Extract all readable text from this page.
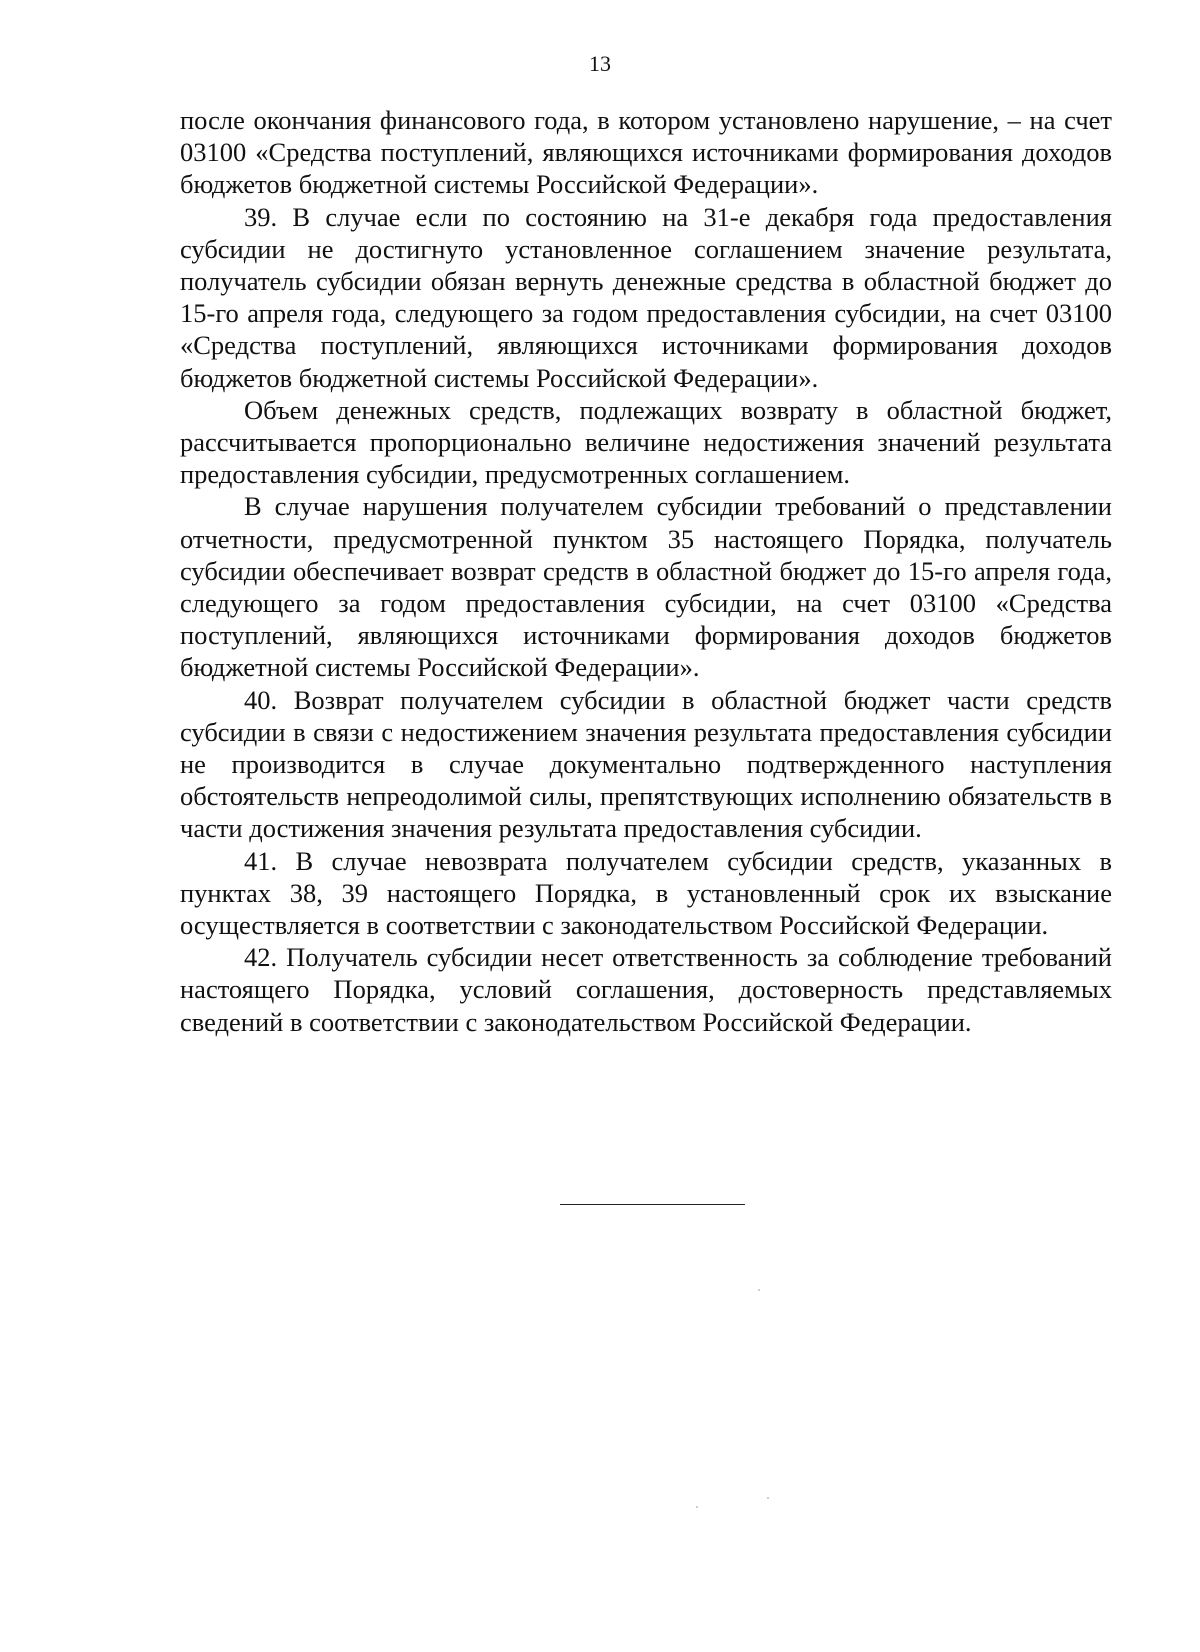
13

после окончания финансового года, в котором установлено нарушение, – на счет 03100 «Средства поступлений, являющихся источниками формирования доходов бюджетов бюджетной системы Российской Федерации».

39. В случае если по состоянию на 31-е декабря года предоставления субсидии не достигнуто установленное соглашением значение результата, получатель субсидии обязан вернуть денежные средства в областной бюджет до 15-го апреля года, следующего за годом предоставления субсидии, на счет 03100 «Средства поступлений, являющихся источниками формирования доходов бюджетов бюджетной системы Российской Федерации».

Объем денежных средств, подлежащих возврату в областной бюджет, рассчитывается пропорционально величине недостижения значений результата предоставления субсидии, предусмотренных соглашением.

В случае нарушения получателем субсидии требований о представлении отчетности, предусмотренной пунктом 35 настоящего Порядка, получатель субсидии обеспечивает возврат средств в областной бюджет до 15-го апреля года, следующего за годом предоставления субсидии, на счет 03100 «Средства поступлений, являющихся источниками формирования доходов бюджетов бюджетной системы Российской Федерации».

40. Возврат получателем субсидии в областной бюджет части средств субсидии в связи с недостижением значения результата предоставления субсидии не производится в случае документально подтвержденного наступления обстоятельств непреодолимой силы, препятствующих исполнению обязательств в части достижения значения результата предоставления субсидии.

41. В случае невозврата получателем субсидии средств, указанных в пунктах 38, 39 настоящего Порядка, в установленный срок их взыскание осуществляется в соответствии с законодательством Российской Федерации.

42. Получатель субсидии несет ответственность за соблюдение требований настоящего Порядка, условий соглашения, достоверность представляемых сведений в соответствии с законодательством Российской Федерации.
